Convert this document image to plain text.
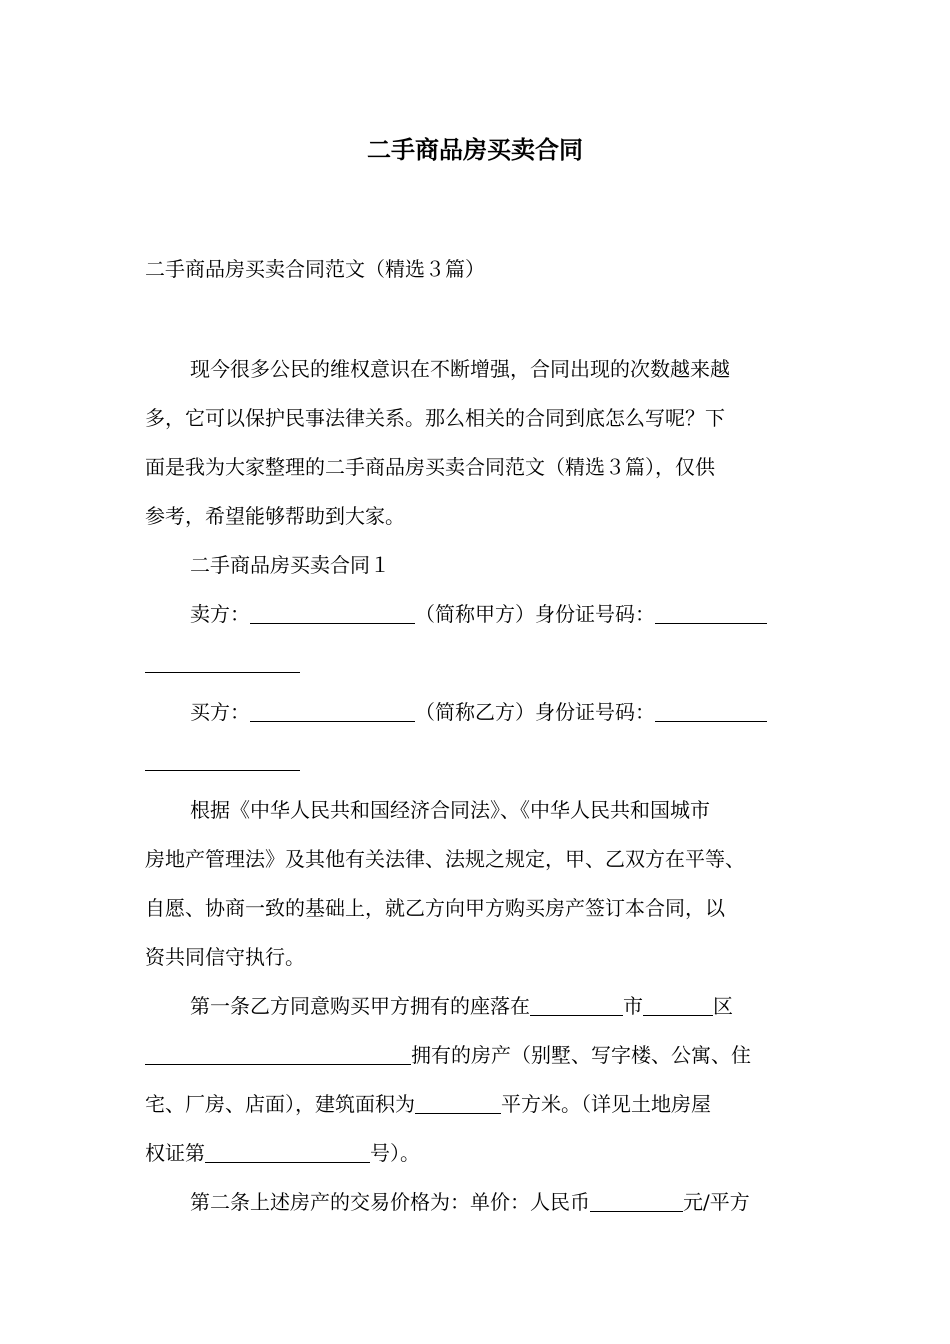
二手商品房买卖合同

二手商品房买卖合同范文（精选３篇）

现今很多公民的维权意识在不断增强，合同出现的次数越来越
多，它可以保护民事法律关系。那么相关的合同到底怎么写呢？下
面是我为大家整理的二手商品房买卖合同范文（精选３篇），仅供
参考，希望能够帮助到大家。

二手商品房买卖合同１

卖方：	（简称甲方）身份证号码：

买方：	（简称乙方）身份证号码：

根据《中华人民共和国经济合同法》、《中华人民共和国城市
房地产管理法》及其他有关法律、法规之规定，甲、乙双方在平等、
自愿、协商一致的基础上，就乙方向甲方购买房产签订本合同，以
资共同信守执行。

第一条乙方同意购买甲方拥有的座落在	市	区
拥有的房产（别墅、写字楼、公寓、住
宅、厂房、店面），建筑面积为	平方米。（详见土地房屋
权证第	号）。

第二条上述房产的交易价格为：单价：人民币	元/平方
